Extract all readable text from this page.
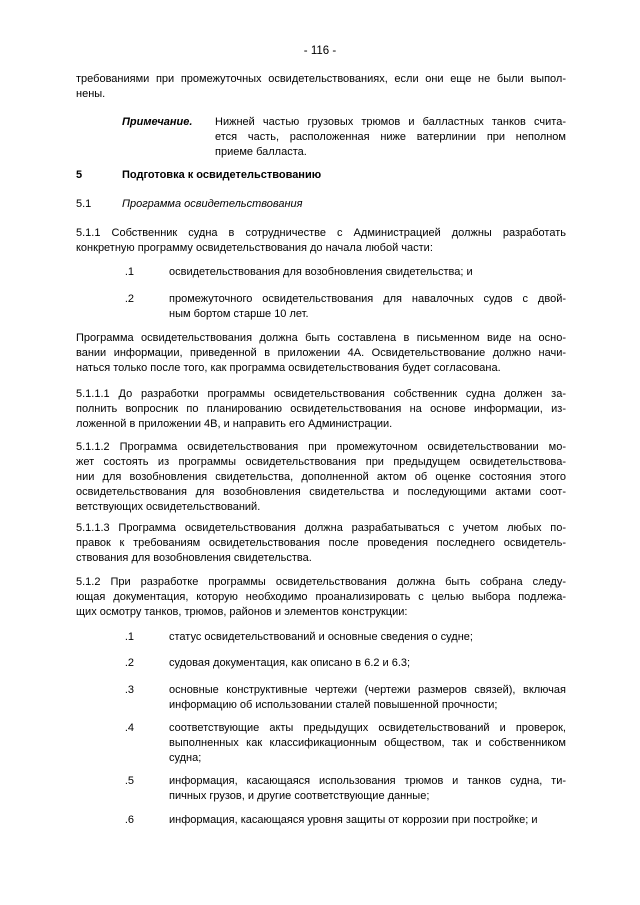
- 116 -
требованиями при промежуточных освидетельствованиях, если они еще не были выпол-
нены.
Примечание. Нижней частью грузовых трюмов и балластных танков счита-
ется часть, расположенная ниже ватерлинии при неполном
приеме балласта.
5	Подготовка к освидетельствованию
5.1	Программа освидетельствования
5.1.1 Собственник судна в сотрудничестве с Администрацией должны разработать
конкретную программу освидетельствования до начала любой части:
.1	освидетельствования для возобновления свидетельства; и
.2	промежуточного освидетельствования для навалочных судов с двой-
ным бортом старше 10 лет.
Программа освидетельствования должна быть составлена в письменном виде на осно-
вании информации, приведенной в приложении 4А. Освидетельствование должно начи-
наться только после того, как программа освидетельствования будет согласована.
5.1.1.1 До разработки программы освидетельствования собственник судна должен за-
полнить вопросник по планированию освидетельствования на основе информации, из-
ложенной в приложении 4В, и направить его Администрации.
5.1.1.2 Программа освидетельствования при промежуточном освидетельствовании мо-
жет состоять из программы освидетельствования при предыдущем освидетельствова-
нии для возобновления свидетельства, дополненной актом об оценке состояния этого
освидетельствования для возобновления свидетельства и последующими актами соот-
ветствующих освидетельствований.
5.1.1.3 Программа освидетельствования должна разрабатываться с учетом любых по-
правок к требованиям освидетельствования после проведения последнего освидетель-
ствования для возобновления свидетельства.
5.1.2 При разработке программы освидетельствования должна быть собрана следу-
ющая документация, которую необходимо проанализировать с целью выбора подлежа-
щих осмотру танков, трюмов, районов и элементов конструкции:
.1	статус освидетельствований и основные сведения о судне;
.2	судовая документация, как описано в 6.2 и 6.3;
.3	основные конструктивные чертежи (чертежи размеров связей), включая
информацию об использовании сталей повышенной прочности;
.4	соответствующие акты предыдущих освидетельствований и проверок,
выполненных как классификационным обществом, так и собственником
судна;
.5	информация, касающаяся использования трюмов и танков судна, ти-
пичных грузов, и другие соответствующие данные;
.6	информация, касающаяся уровня защиты от коррозии при постройке; и
